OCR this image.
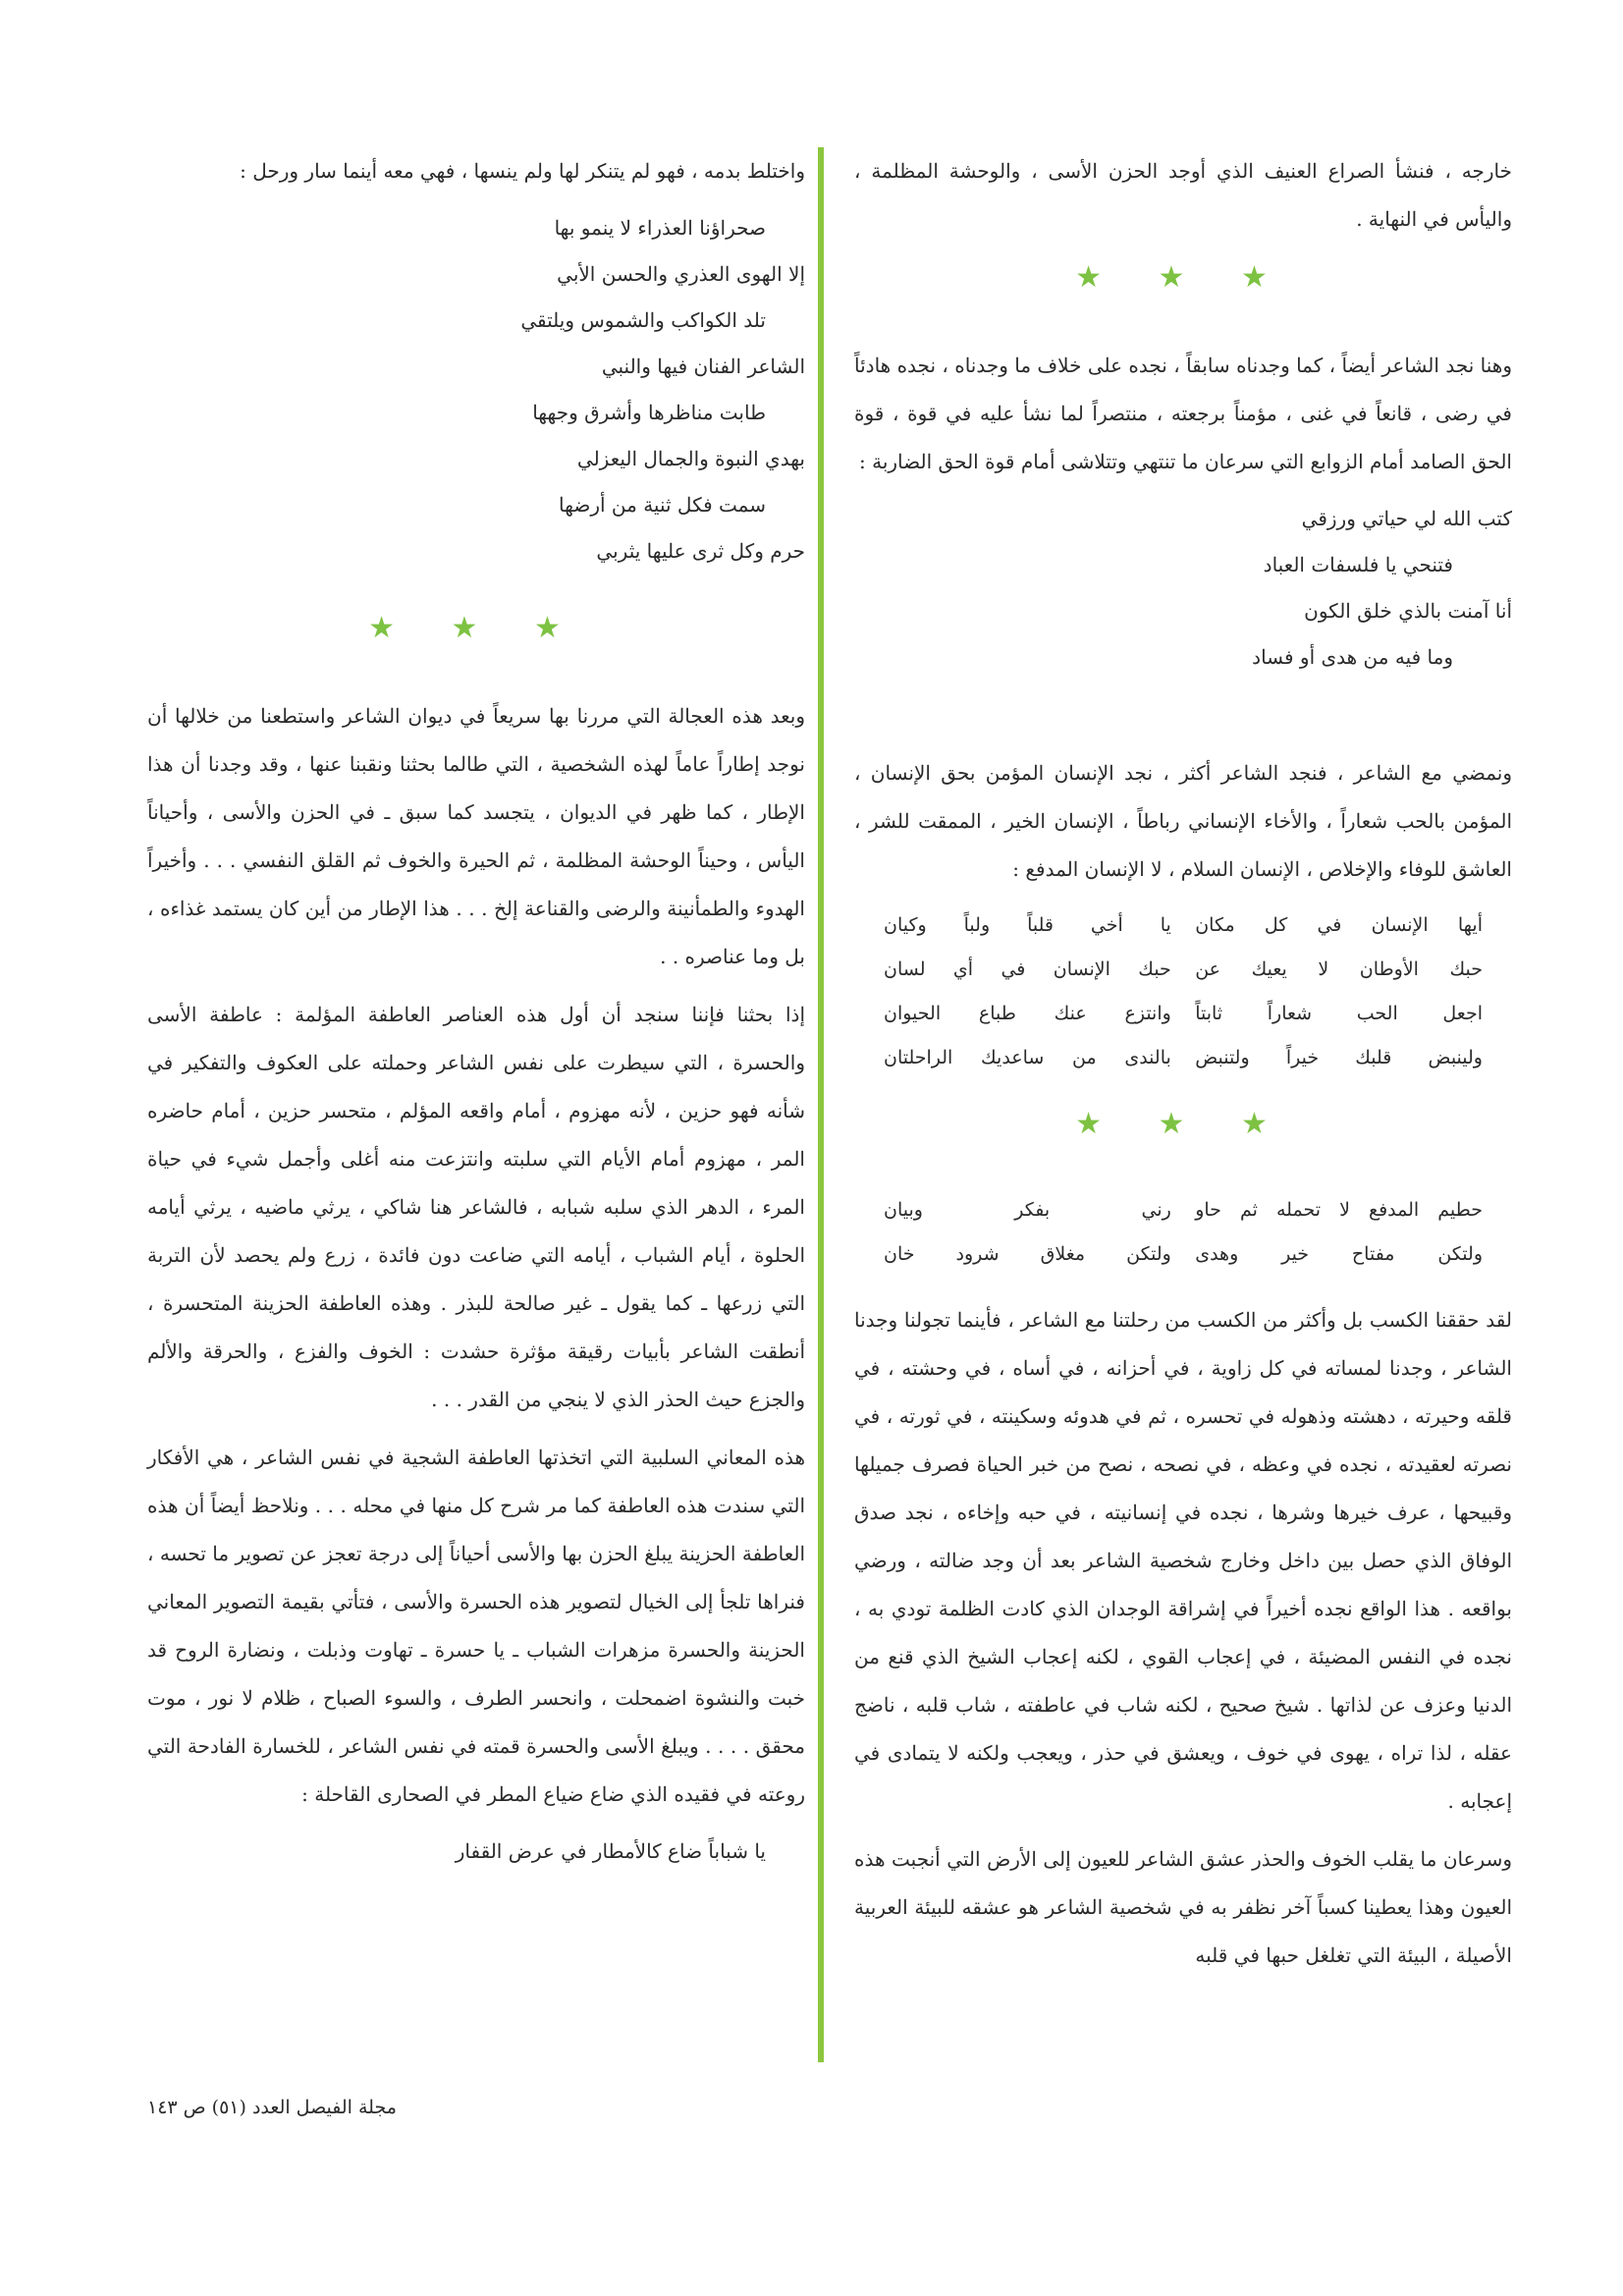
خارجه ، فنشأ الصراع العنيف الذي أوجد الحزن الأسى ، والوحشة المظلمة ، واليأس في النهاية .

★ ★ ★

وهنا نجد الشاعر أيضاً ، كما وجدناه سابقاً ، نجده على خلاف ما وجدناه ، نجده هادئاً في رضى ، قانعاً في غنى ، مؤمناً برجعته ، منتصراً لما نشأ عليه في قوة ، قوة الحق الصامد أمام الزوابع التي سرعان ما تنتهي وتتلاشى أمام قوة الحق الضاربة :

كتب الله لي حياتي ورزقي
فتنحي يا فلسفات العباد
أنا آمنت بالذي خلق الكون
وما فيه من هدى أو فساد

ونمضي مع الشاعر ، فنجد الشاعر أكثر ، نجد الإنسان المؤمن بحق الإنسان ، المؤمن بالحب شعاراً ، والأخاء الإنساني رباطاً ، الإنسان الخير ، الممقت للشر ، العاشق للوفاء والإخلاص ، الإنسان السلام ، لا الإنسان المدفع :

أيها الإنسان في كل مكان
يا أخي قلباً ولباً وكيان
حبك الأوطان لا يعيك عن
حبك الإنسان في أي لسان
اجعل الحب شعاراً ثابتاً
وانتزع عنك طباع الحيوان
ولينبض قلبك خيراً ولتنبض
بالندى من ساعديك الراحلتان
★ ★ ★
حطيم المدفع لا تحمله ثم حاو
رني بفكر وبيان
ولتكن مفتاح خير وهدى
ولتكن مغلاق شرود خان

لقد حققنا الكسب بل وأكثر من الكسب من رحلتنا مع الشاعر ، فأينما تجولنا وجدنا الشاعر ، وجدنا لمساته في كل زاوية ، في أحزانه ، في أساه ، في وحشته ، في قلقه وحيرته ، دهشته وذهوله في تحسره ، ثم في هدوئه وسكينته ، في ثورته ، في نصرته لعقيدته ، نجده في وعظه ، في نصحه ، نصح من خبر الحياة فصرف جميلها وقبيحها ، عرف خيرها وشرها ، نجده في إنسانيته ، في حبه وإخاءه ، نجد صدق الوفاق الذي حصل بين داخل وخارج شخصية الشاعر بعد أن وجد ضالته ، ورضي بواقعه . هذا الواقع نجده أخيراً في إشراقة الوجدان الذي كادت الظلمة تودي به ، نجده في النفس المضيئة ، في إعجاب القوي ، لكنه إعجاب الشيخ الذي قنع من الدنيا وعزف عن لذاتها . شيخ صحيح ، لكنه شاب في عاطفته ، شاب قلبه ، ناضج عقله ، لذا تراه ، يهوى في خوف ، ويعشق في حذر ، ويعجب ولكنه لا يتمادى في إعجابه .

وسرعان ما يقلب الخوف والحذر عشق الشاعر للعيون إلى الأرض التي أنجبت هذه العيون وهذا يعطينا كسباً آخر نظفر به في شخصية الشاعر هو عشقه للبيئة العربية الأصيلة ، البيئة التي تغلغل حبها في قلبه

واختلط بدمه ، فهو لم يتنكر لها ولم ينسها ، فهي معه أينما سار ورحل :

صحراؤنا العذراء لا ينمو بها
إلا الهوى العذري والحسن الأبي
تلد الكواكب والشموس ويلتقي
الشاعر الفنان فيها والنبي
طابت مناظرها وأشرق وجهها
بهدي النبوة والجمال اليعزلي
سمت فكل ثنية من أرضها
حرم وكل ثرى عليها يثربي
★ ★ ★

وبعد هذه العجالة التي مررنا بها سريعاً في ديوان الشاعر واستطعنا من خلالها أن نوجد إطاراً عاماً لهذه الشخصية ، التي طالما بحثنا ونقبنا عنها ، وقد وجدنا أن هذا الإطار ، كما ظهر في الديوان ، يتجسد كما سبق ـ في الحزن والأسى ، وأحياناً اليأس ، وحيناً الوحشة المظلمة ، ثم الحيرة والخوف ثم القلق النفسي . . . وأخيراً الهدوء والطمأنينة والرضى والقناعة إلخ . . . هذا الإطار من أين كان يستمد غذاءه ، بل وما عناصره . .

إذا بحثنا فإننا سنجد أن أول هذه العناصر العاطفة المؤلمة : عاطفة الأسى والحسرة ، التي سيطرت على نفس الشاعر وحملته على العكوف والتفكير في شأنه فهو حزين ، لأنه مهزوم ، أمام واقعه المؤلم ، متحسر حزين ، أمام حاضره المر ، مهزوم أمام الأيام التي سلبته وانتزعت منه أغلى وأجمل شيء في حياة المرء ، الدهر الذي سلبه شبابه ، فالشاعر هنا شاكي ، يرثي ماضيه ، يرثي أيامه الحلوة ، أيام الشباب ، أيامه التي ضاعت دون فائدة ، زرع ولم يحصد لأن التربة التي زرعها ـ كما يقول ـ غير صالحة للبذر . وهذه العاطفة الحزينة المتحسرة ، أنطقت الشاعر بأبيات رقيقة مؤثرة حشدت : الخوف والفزع ، والحرقة والألم والجزع حيث الحذر الذي لا ينجي من القدر . . .

هذه المعاني السلبية التي اتخذتها العاطفة الشجية في نفس الشاعر ، هي الأفكار التي سندت هذه العاطفة كما مر شرح كل منها في محله . . . ونلاحظ أيضاً أن هذه العاطفة الحزينة يبلغ الحزن بها والأسى أحياناً إلى درجة تعجز عن تصوير ما تحسه ، فنراها تلجأ إلى الخيال لتصوير هذه الحسرة والأسى ، فتأتي بقيمة التصوير المعاني الحزينة والحسرة مزهرات الشباب ـ يا حسرة ـ تهاوت وذبلت ، ونضارة الروح قد خبت والنشوة اضمحلت ، وانحسر الطرف ، والسوء الصباح ، ظلام لا نور ، موت محقق . . . . ويبلغ الأسى والحسرة قمته في نفس الشاعر ، للخسارة الفادحة التي روعته في فقيده الذي ضاع ضياع المطر في الصحارى القاحلة :

يا شباباً ضاع كالأمطار في عرض القفار
مجلة الفيصل العدد (٥١) ص ١٤٣
